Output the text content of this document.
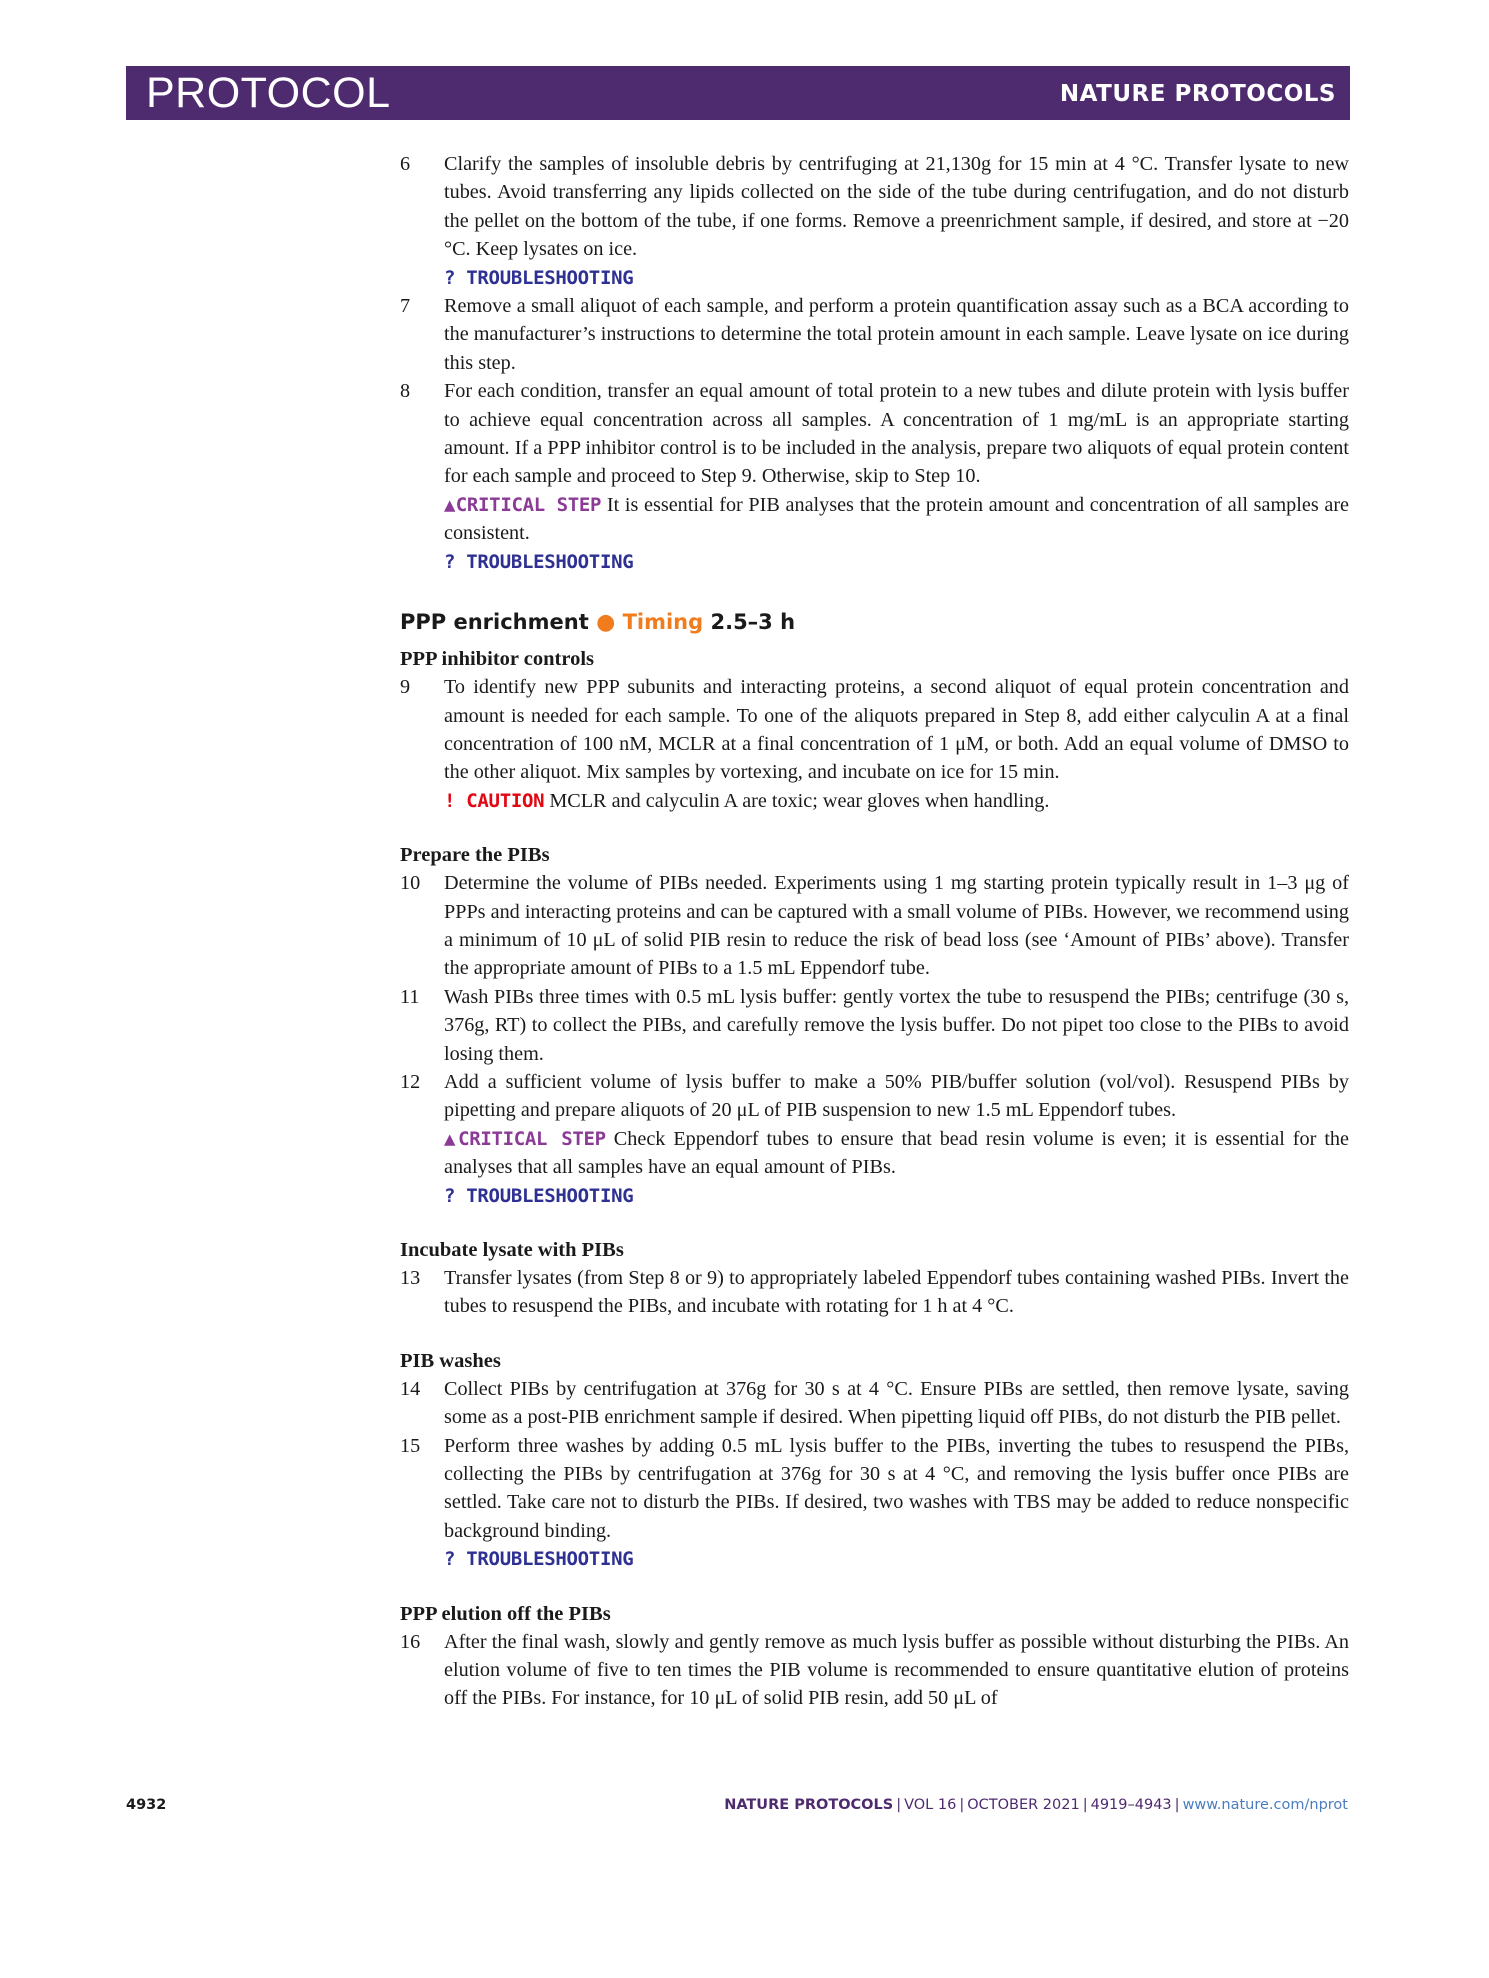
PROTOCOL	NATURE PROTOCOLS
6 Clarify the samples of insoluble debris by centrifuging at 21,130g for 15 min at 4 °C. Transfer lysate to new tubes. Avoid transferring any lipids collected on the side of the tube during centrifugation, and do not disturb the pellet on the bottom of the tube, if one forms. Remove a preenrichment sample, if desired, and store at −20 °C. Keep lysates on ice.
? TROUBLESHOOTING
7 Remove a small aliquot of each sample, and perform a protein quantification assay such as a BCA according to the manufacturer’s instructions to determine the total protein amount in each sample. Leave lysate on ice during this step.
8 For each condition, transfer an equal amount of total protein to a new tubes and dilute protein with lysis buffer to achieve equal concentration across all samples. A concentration of 1 mg/mL is an appropriate starting amount. If a PPP inhibitor control is to be included in the analysis, prepare two aliquots of equal protein content for each sample and proceed to Step 9. Otherwise, skip to Step 10.
▲CRITICAL STEP It is essential for PIB analyses that the protein amount and concentration of all samples are consistent.
? TROUBLESHOOTING
PPP enrichment ● Timing 2.5–3 h
PPP inhibitor controls
9 To identify new PPP subunits and interacting proteins, a second aliquot of equal protein concentration and amount is needed for each sample. To one of the aliquots prepared in Step 8, add either calyculin A at a final concentration of 100 nM, MCLR at a final concentration of 1 μM, or both. Add an equal volume of DMSO to the other aliquot. Mix samples by vortexing, and incubate on ice for 15 min.
! CAUTION MCLR and calyculin A are toxic; wear gloves when handling.
Prepare the PIBs
10 Determine the volume of PIBs needed. Experiments using 1 mg starting protein typically result in 1–3 μg of PPPs and interacting proteins and can be captured with a small volume of PIBs. However, we recommend using a minimum of 10 μL of solid PIB resin to reduce the risk of bead loss (see ‘Amount of PIBs’ above). Transfer the appropriate amount of PIBs to a 1.5 mL Eppendorf tube.
11 Wash PIBs three times with 0.5 mL lysis buffer: gently vortex the tube to resuspend the PIBs; centrifuge (30 s, 376g, RT) to collect the PIBs, and carefully remove the lysis buffer. Do not pipet too close to the PIBs to avoid losing them.
12 Add a sufficient volume of lysis buffer to make a 50% PIB/buffer solution (vol/vol). Resuspend PIBs by pipetting and prepare aliquots of 20 μL of PIB suspension to new 1.5 mL Eppendorf tubes.
▲CRITICAL STEP Check Eppendorf tubes to ensure that bead resin volume is even; it is essential for the analyses that all samples have an equal amount of PIBs.
? TROUBLESHOOTING
Incubate lysate with PIBs
13 Transfer lysates (from Step 8 or 9) to appropriately labeled Eppendorf tubes containing washed PIBs. Invert the tubes to resuspend the PIBs, and incubate with rotating for 1 h at 4 °C.
PIB washes
14 Collect PIBs by centrifugation at 376g for 30 s at 4 °C. Ensure PIBs are settled, then remove lysate, saving some as a post-PIB enrichment sample if desired. When pipetting liquid off PIBs, do not disturb the PIB pellet.
15 Perform three washes by adding 0.5 mL lysis buffer to the PIBs, inverting the tubes to resuspend the PIBs, collecting the PIBs by centrifugation at 376g for 30 s at 4 °C, and removing the lysis buffer once PIBs are settled. Take care not to disturb the PIBs. If desired, two washes with TBS may be added to reduce nonspecific background binding.
? TROUBLESHOOTING
PPP elution off the PIBs
16 After the final wash, slowly and gently remove as much lysis buffer as possible without disturbing the PIBs. An elution volume of five to ten times the PIB volume is recommended to ensure quantitative elution of proteins off the PIBs. For instance, for 10 μL of solid PIB resin, add 50 μL of
4932	NATURE PROTOCOLS | VOL 16 | OCTOBER 2021 | 4919–4943 | www.nature.com/nprot
